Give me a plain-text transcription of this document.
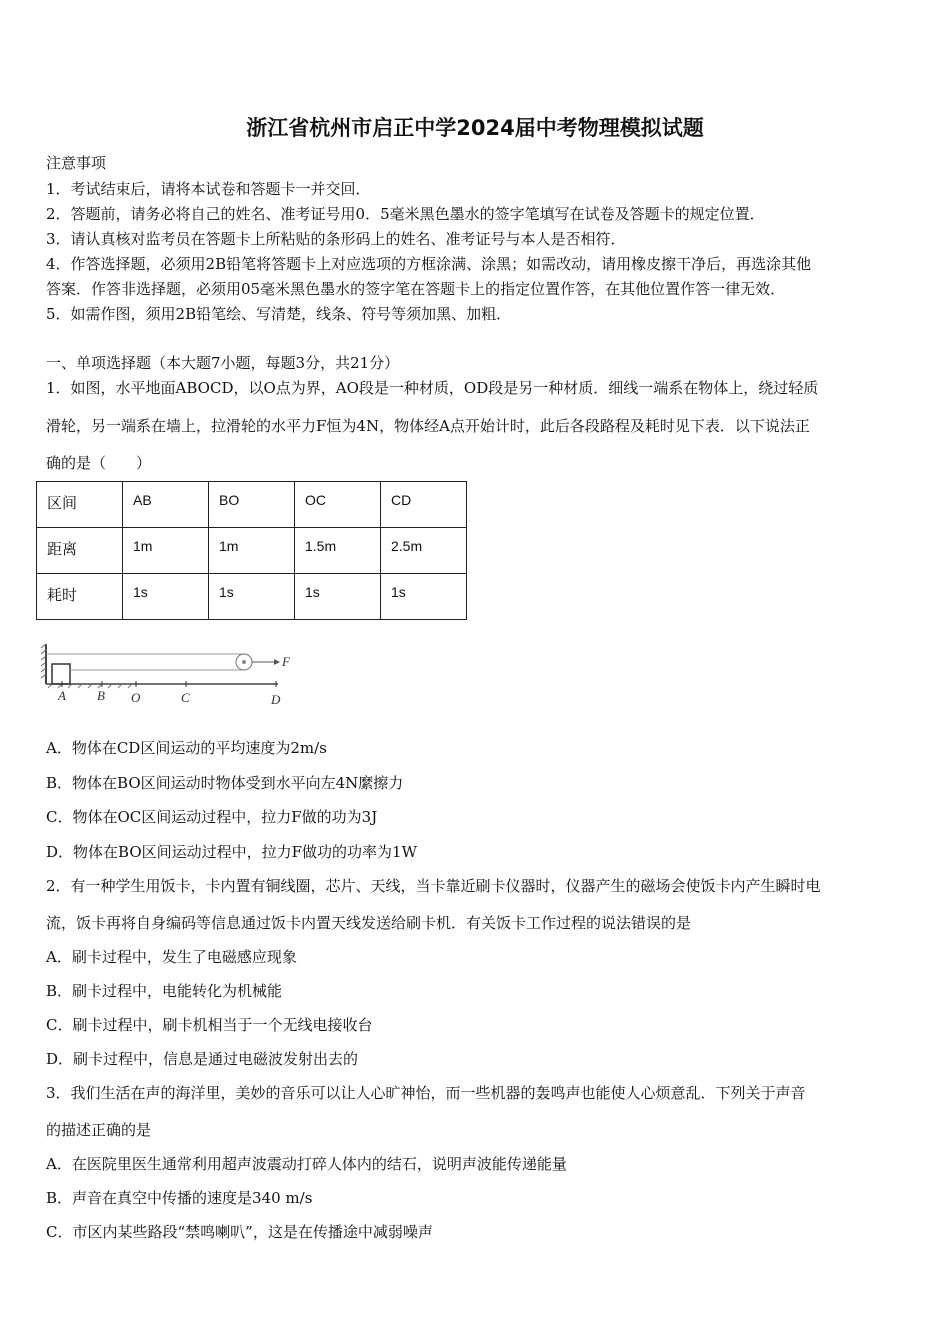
浙江省杭州市启正中学2024届中考物理模拟试题
注意事项
1．考试结束后，请将本试卷和答题卡一并交回．
2．答题前，请务必将自己的姓名、准考证号用0．5毫米黑色墨水的签字笔填写在试卷及答题卡的规定位置．
3．请认真核对监考员在答题卡上所粘贴的条形码上的姓名、准考证号与本人是否相符．
4．作答选择题，必须用2B铅笔将答题卡上对应选项的方框涂满、涂黑；如需改动，请用橡皮擦干净后，再选涂其他
答案．作答非选择题，必须用05毫米黑色墨水的签字笔在答题卡上的指定位置作答，在其他位置作答一律无效．
5．如需作图，须用2B铅笔绘、写清楚，线条、符号等须加黑、加粗．
一、单项选择题（本大题7小题，每题3分，共21分）
1．如图，水平地面ABOCD，以O点为界，AO段是一种材质，OD段是另一种材质．细线一端系在物体上，绕过轻质
滑轮，另一端系在墙上，拉滑轮的水平力F恒为4N，物体经A点开始计时，此后各段路程及耗时见下表．以下说法正
确的是（　　）
区间	AB	BO	OC	CD
距离	1m	1m	1.5m	2.5m
耗时	1s	1s	1s	1s
F
A B O	C	D
A．物体在CD区间运动的平均速度为2m/s
B．物体在BO区间运动时物体受到水平向左4N縻擦力
C．物体在OC区间运动过程中，拉力F做的功为3J
D．物体在BO区间运动过程中，拉力F做功的功率为1W
2．有一种学生用饭卡，卡内置有铜线圈，芯片、天线，当卡靠近刷卡仪器时，仪器产生的磁场会使饭卡内产生瞬时电
流，饭卡再将自身编码等信息通过饭卡内置天线发送给刷卡机．有关饭卡工作过程的说法错误的是
A．刷卡过程中，发生了电磁感应现象
B．刷卡过程中，电能转化为机械能
C．刷卡过程中，刷卡机相当于一个无线电接收台
D．刷卡过程中，信息是通过电磁波发射出去的
3．我们生活在声的海洋里，美妙的音乐可以让人心旷神怡，而一些机器的轰鸣声也能使人心烦意乱．下列关于声音
的描述正确的是
A．在医院里医生通常利用超声波震动打碎人体内的结石，说明声波能传递能量
B．声音在真空中传播的速度是340 m/s
C．市区内某些路段“禁鸣喇叭”，这是在传播途中减弱噪声
